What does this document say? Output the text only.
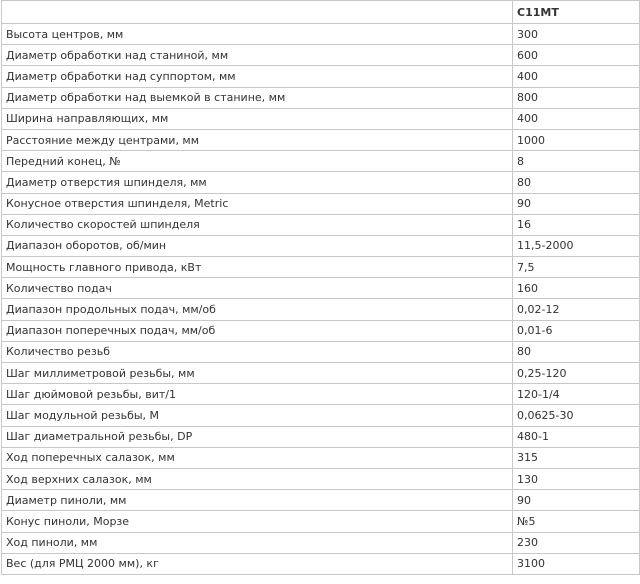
	C11MT
Высота центров, мм	300
Диаметр обработки над станиной, мм	600
Диаметр обработки над суппортом, мм	400
Диаметр обработки над выемкой в станине, мм	800
Ширина направляющих, мм	400
Расстояние между центрами, мм	1000
Передний конец, №	8
Диаметр отверстия шпинделя, мм	80
Конусное отверстия шпинделя, Metric	90
Количество скоростей шпинделя	16
Диапазон оборотов, об/мин	11,5-2000
Мощность главного привода, кВт	7,5
Количество подач	160
Диапазон продольных подач, мм/об	0,02-12
Диапазон поперечных подач, мм/об	0,01-6
Количество резьб	80
Шаг миллиметровой резьбы, мм	0,25-120
Шаг дюймовой резьбы, вит/1	120-1/4
Шаг модульной резьбы, М	0,0625-30
Шаг диаметральной резьбы, DP	480-1
Ход поперечных салазок, мм	315
Ход верхних салазок, мм	130
Диаметр пиноли, мм	90
Конус пиноли, Морзе	№5
Ход пиноли, мм	230
Вес (для РМЦ 2000 мм), кг	3100
